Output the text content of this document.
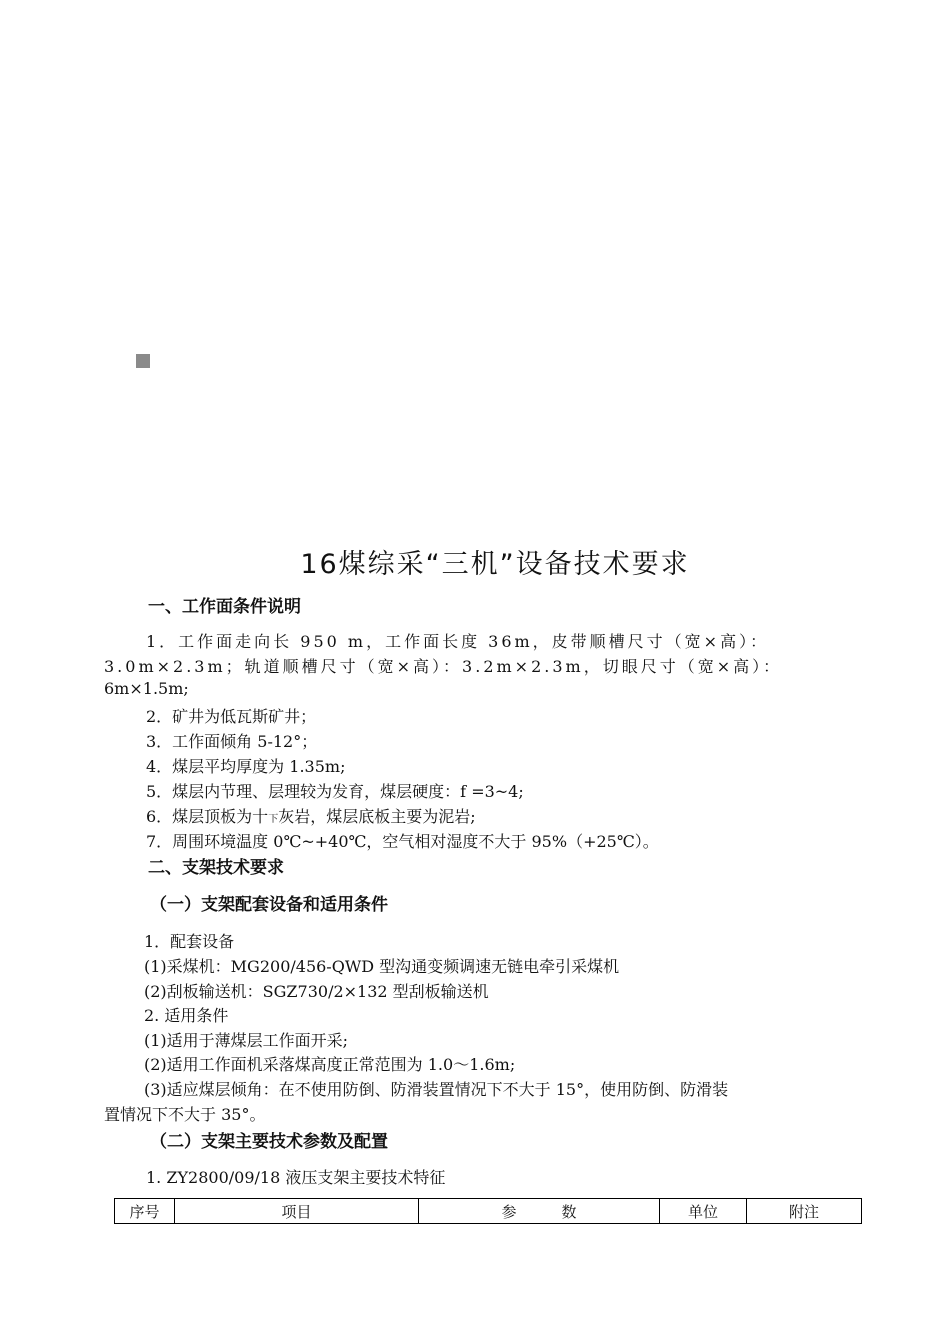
16煤综采“三机”设备技术要求
一、工作面条件说明
1．工作面走向长 950 m，工作面长度 36m，皮带顺槽尺寸（宽×高）：
3.0m×2.3m；轨道顺槽尺寸（宽×高）：3.2m×2.3m，切眼尺寸（宽×高）：
6m×1.5m;
2．矿井为低瓦斯矿井；
3．工作面倾角 5-12°；
4．煤层平均厚度为 1.35m;
5．煤层内节理、层理较为发育，煤层硬度：f =3~4;
6．煤层顶板为十下灰岩，煤层底板主要为泥岩;
7．周围环境温度 0℃~+40℃，空气相对湿度不大于 95%（+25℃）。
二、支架技术要求
（一）支架配套设备和适用条件
1．配套设备
(1)采煤机：MG200/456-QWD 型沟通变频调速无链电牵引采煤机
(2)刮板输送机：SGZ730/2×132 型刮板输送机
2. 适用条件
(1)适用于薄煤层工作面开采;
(2)适用工作面机采落煤高度正常范围为 1.0～1.6m;
(3)适应煤层倾角：在不使用防倒、防滑装置情况下不大于 15°，使用防倒、防滑装
置情况下不大于 35°。
（二）支架主要技术参数及配置
1. ZY2800/09/18 液压支架主要技术特征
序号	项目	参　　　数	单位	附注
